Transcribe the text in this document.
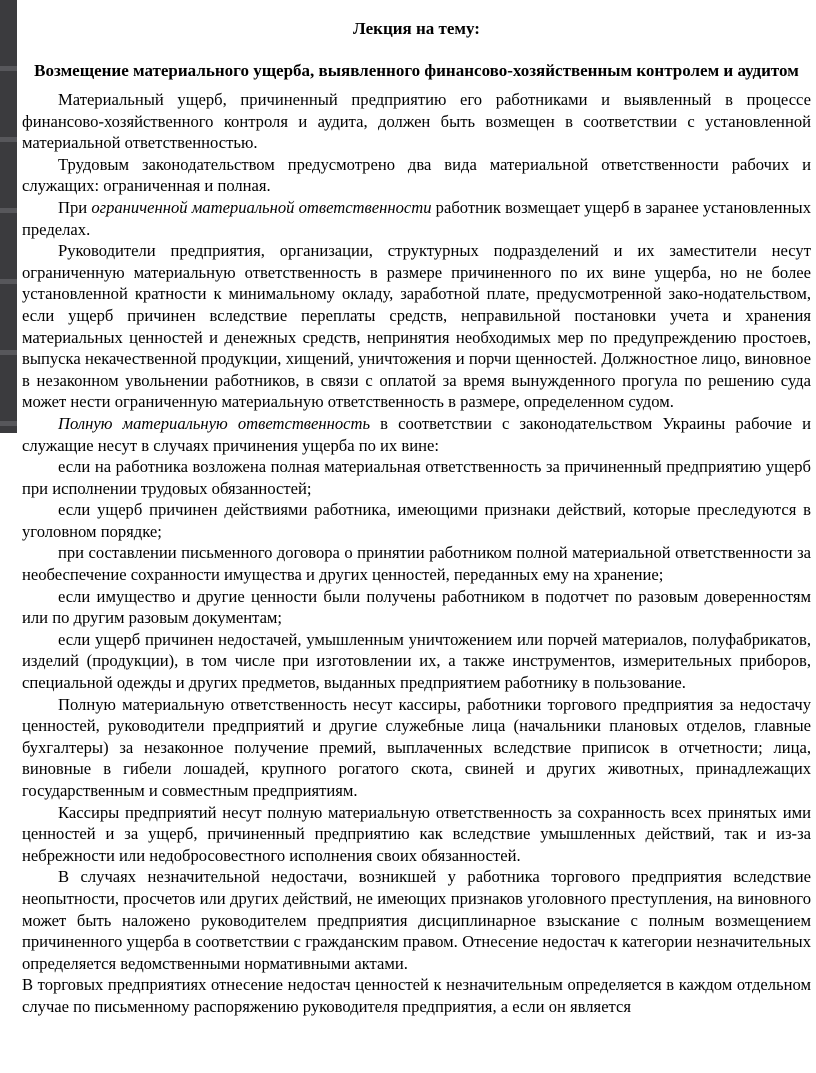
Лекция на тему:
Возмещение материального ущерба, выявленного финансово-хозяйственным контролем и аудитом

Материальный ущерб, причиненный предприятию его работниками и выявленный в процессе финансово-хозяйственного контроля и аудита, должен быть возмещен в соответствии с установленной материальной ответственностью.

Трудовым законодательством предусмотрено два вида материальной ответственности рабочих и служащих: ограниченная и полная.

При ограниченной материальной ответственности работник возмещает ущерб в заранее установленных пределах.

Руководители предприятия, организации, структурных подразделений и их заместители несут ограниченную материальную ответственность в размере причиненного по их вине ущерба, но не более установленной кратности к минимальному окладу, заработной плате, предусмотренной зако-нодательством, если ущерб причинен вследствие переплаты средств, неправильной постановки учета и хранения материальных ценностей и денежных средств, непринятия необходимых мер по предупреждению простоев, выпуска некачественной продукции, хищений, уничтожения и порчи щенностей. Должностное лицо, виновное в незаконном увольнении работников, в связи с оплатой за время вынужденного прогула по решению суда может нести ограниченную материальную ответственность в размере, определенном судом.

Полную материальную ответственность в соответствии с законодательством Украины рабочие и служащие несут в случаях причинения ущерба по их вине:

если на работника возложена полная материальная ответственность за причиненный предприятию ущерб при исполнении трудовых обязанностей;

если ущерб причинен действиями работника, имеющими признаки действий, которые преследуются в уголовном порядке;

при составлении письменного договора о принятии работником полной материальной ответственности за необеспечение сохранности имущества и других ценностей, переданных ему на хранение;

если имущество и другие ценности были получены работником в подотчет по разовым доверенностям или по другим разовым документам;

если ущерб причинен недостачей, умышленным уничтожением или порчей материалов, полуфабрикатов, изделий (продукции), в том числе при изготовлении их, а также инструментов, измерительных приборов, специальной одежды и других предметов, выданных предприятием работнику в пользование.

Полную материальную ответственность несут кассиры, работники торгового предприятия за недостачу ценностей, руководители предприятий и другие служебные лица (начальники плановых отделов, главные бухгалтеры) за незаконное получение премий, выплаченных вследствие приписок в отчетности; лица, виновные в гибели лошадей, крупного рогатого скота, свиней и других животных, принадлежащих государственным и совместным предприятиям.

Кассиры предприятий несут полную материальную ответственность за сохранность всех принятых ими ценностей и за ущерб, причиненный предприятию как вследствие умышленных действий, так и из-за небрежности или недобросовестного исполнения своих обязанностей.

В случаях незначительной недостачи, возникшей у работника торгового предприятия вследствие неопытности, просчетов или других действий, не имеющих признаков уголовного преступления, на виновного может быть наложено руководителем предприятия дисциплинарное взыскание с полным возмещением причиненного ущерба в соответствии с гражданским правом. Отнесение недостач к категории незначительных определяется ведомственными нормативными актами.

В торговых предприятиях отнесение недостач ценностей к незначительным определяется в каждом отдельном случае по письменному распоряжению руководителя предприятия, а если он является
